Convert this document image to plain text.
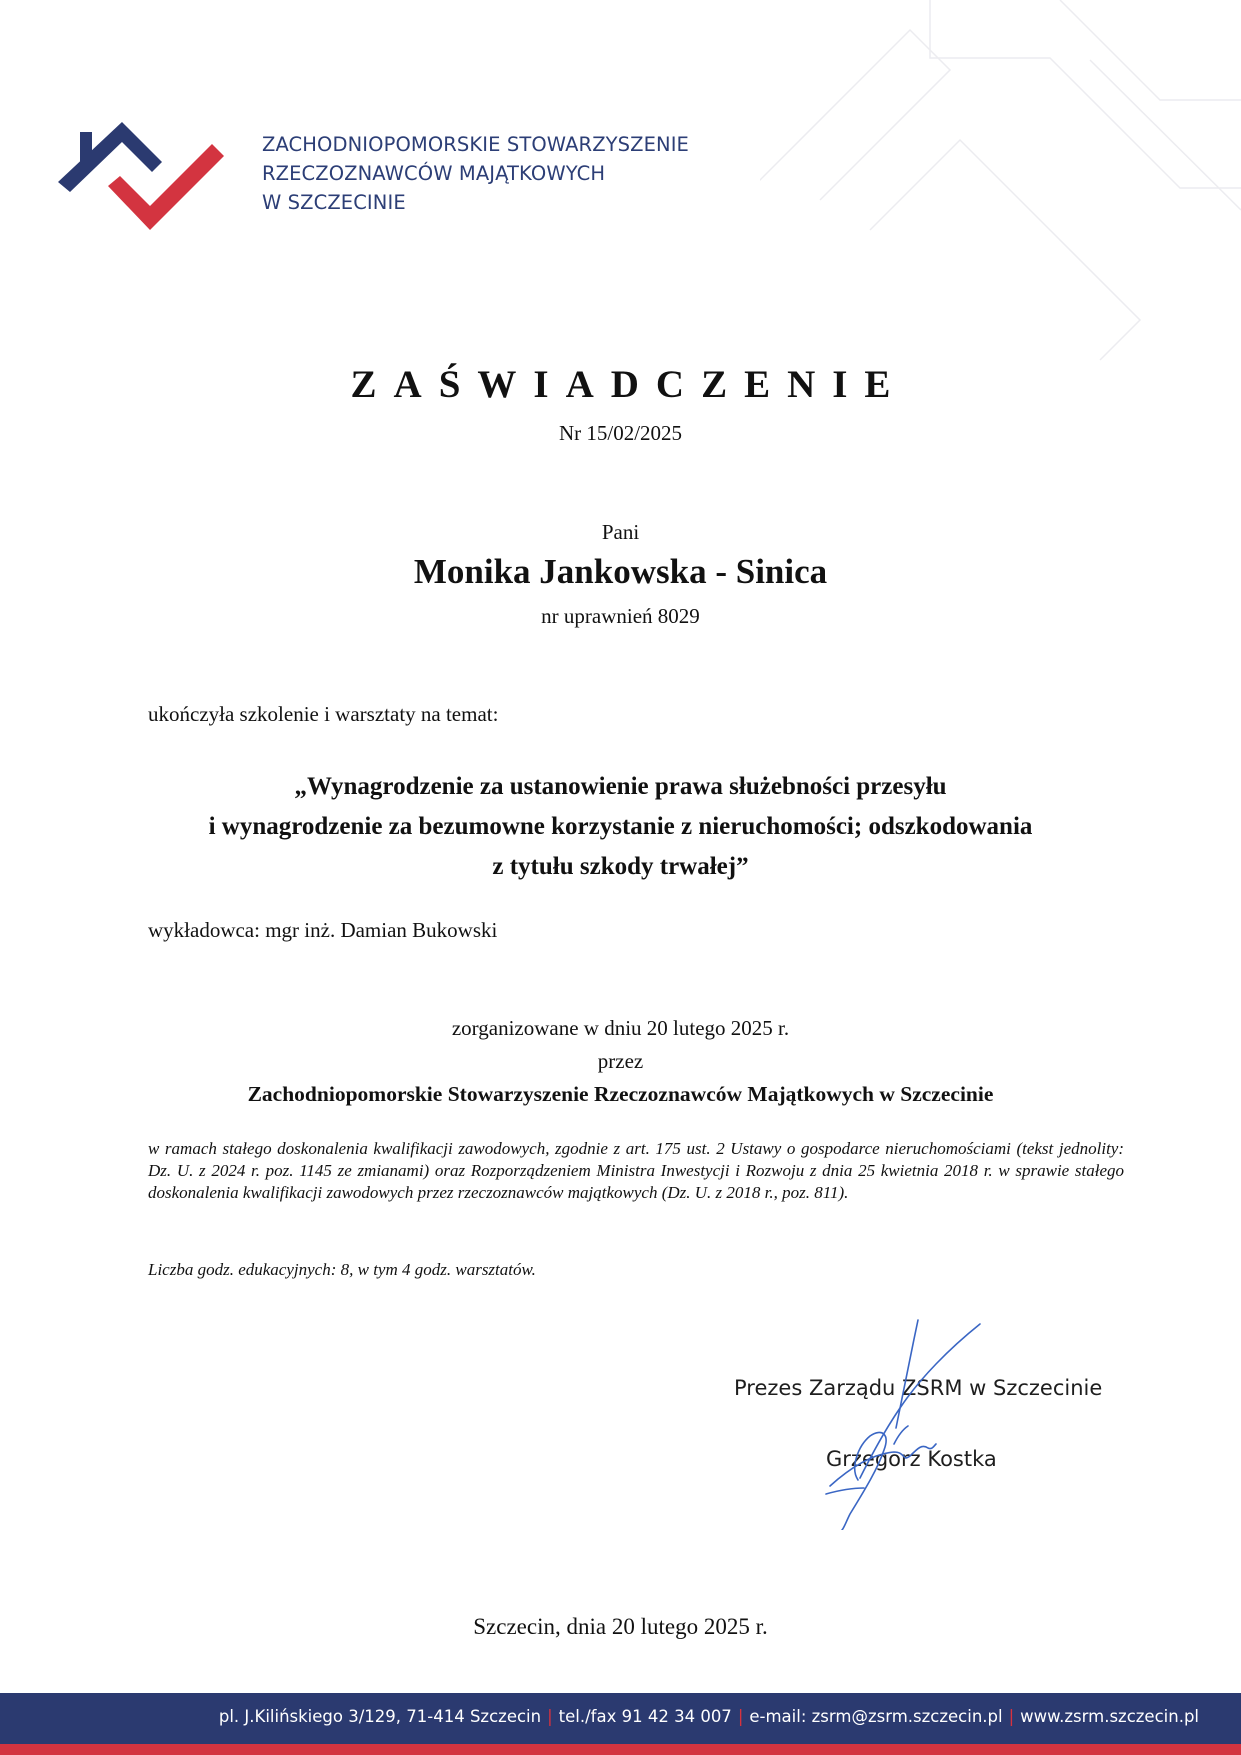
ZACHODNIOPOMORSKIE STOWARZYSZENIE
RZECZOZNAWCÓW MAJĄTKOWYCH
W SZCZECINIE
ZAŚWIADCZENIE
Nr 15/02/2025
Pani
Monika Jankowska - Sinica
nr uprawnień 8029
ukończyła szkolenie i warsztaty na temat:
„Wynagrodzenie za ustanowienie prawa służebności przesyłu
i wynagrodzenie za bezumowne korzystanie z nieruchomości; odszkodowania
z tytułu szkody trwałej”
wykładowca: mgr inż. Damian Bukowski
zorganizowane w dniu 20 lutego 2025 r.
przez
Zachodniopomorskie Stowarzyszenie Rzeczoznawców Majątkowych w Szczecinie
w ramach stałego doskonalenia kwalifikacji zawodowych, zgodnie z art. 175 ust. 2 Ustawy o gospodarce nieruchomościami (tekst jednolity: Dz. U. z 2024 r. poz. 1145 ze zmianami) oraz Rozporządzeniem Ministra Inwestycji i Rozwoju z dnia 25 kwietnia 2018 r. w sprawie stałego doskonalenia kwalifikacji zawodowych przez rzeczoznawców majątkowych (Dz. U. z 2018 r., poz. 811).
Liczba godz. edukacyjnych: 8, w tym 4 godz. warsztatów.
Prezes Zarządu ZSRM w Szczecinie
Grzegorz Kostka
Szczecin, dnia 20 lutego 2025 r.
pl. J.Kilińskiego 3/129, 71-414 Szczecin | tel./fax 91 42 34 007 | e-mail: zsrm@zsrm.szczecin.pl | www.zsrm.szczecin.pl
